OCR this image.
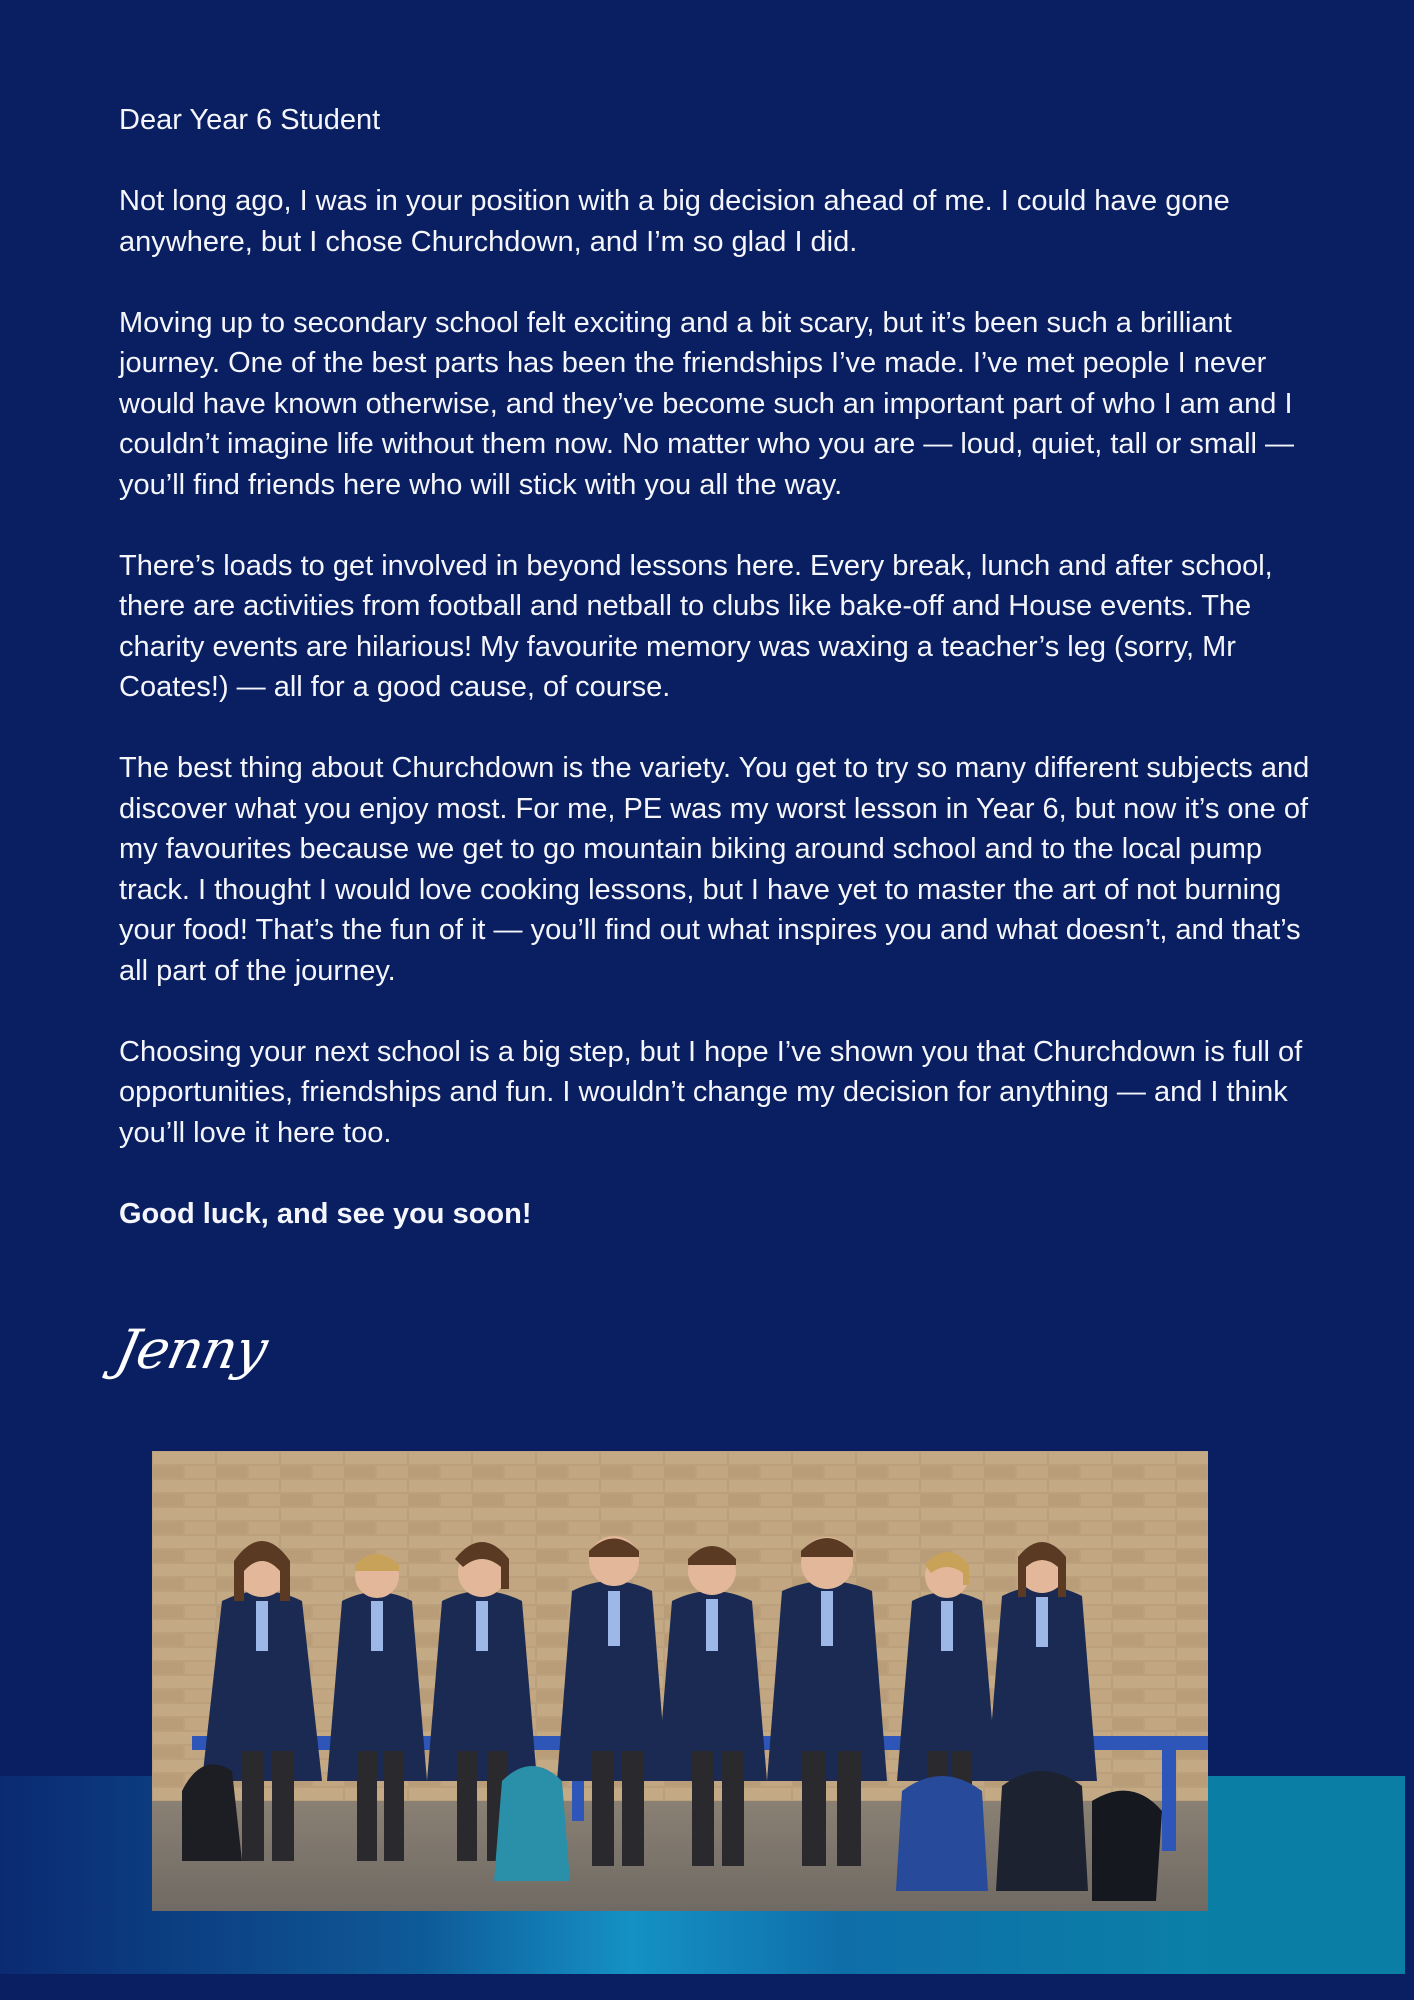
Dear Year 6 Student

Not long ago, I was in your position with a big decision ahead of me. I could have gone anywhere, but I chose Churchdown, and I’m so glad I did.

Moving up to secondary school felt exciting and a bit scary, but it’s been such a brilliant journey. One of the best parts has been the friendships I’ve made. I’ve met people I never would have known otherwise, and they’ve become such an important part of who I am and I couldn’t imagine life without them now. No matter who you are — loud, quiet, tall or small — you’ll find friends here who will stick with you all the way.

There’s loads to get involved in beyond lessons here. Every break, lunch and after school, there are activities from football and netball to clubs like bake-off and House events. The charity events are hilarious! My favourite memory was waxing a teacher’s leg (sorry, Mr Coates!) — all for a good cause, of course.

The best thing about Churchdown is the variety. You get to try so many different subjects and discover what you enjoy most. For me, PE was my worst lesson in Year 6, but now it’s one of my favourites because we get to go mountain biking around school and to the local pump track. I thought I would love cooking lessons, but I have yet to master the art of not burning your food! That’s the fun of it — you’ll find out what inspires you and what doesn’t, and that’s all part of the journey.

Choosing your next school is a big step, but I hope I’ve shown you that Churchdown is full of opportunities, friendships and fun. I wouldn’t change my decision for anything — and I think you’ll love it here too.

Good luck, and see you soon!

Jenny
